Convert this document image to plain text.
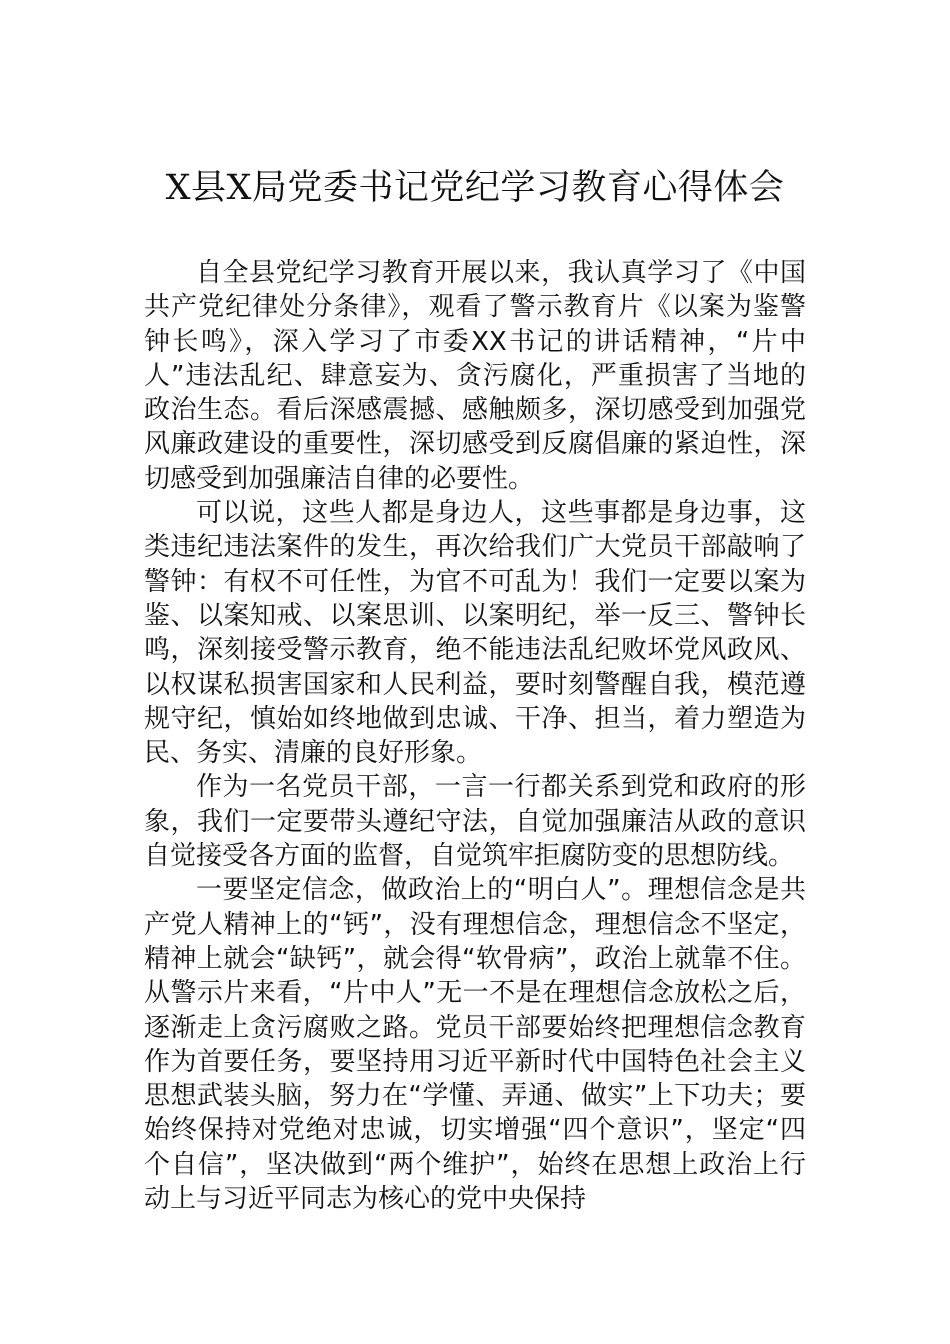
X县X局党委书记党纪学习教育心得体会

自全县党纪学习教育开展以来，我认真学习了《中国共产党纪律处分条律》，观看了警示教育片《以案为鉴警钟长鸣》，深入学习了市委XX书记的讲话精神，“片中人”违法乱纪、肆意妄为、贪污腐化，严重损害了当地的政治生态。看后深感震撼、感触颇多，深切感受到加强党风廉政建设的重要性，深切感受到反腐倡廉的紧迫性，深切感受到加强廉洁自律的必要性。

可以说，这些人都是身边人，这些事都是身边事，这类违纪违法案件的发生，再次给我们广大党员干部敲响了警钟：有权不可任性，为官不可乱为！我们一定要以案为鉴、以案知戒、以案思训、以案明纪，举一反三、警钟长鸣，深刻接受警示教育，绝不能违法乱纪败坏党风政风、以权谋私损害国家和人民利益，要时刻警醒自我，模范遵规守纪，慎始如终地做到忠诚、干净、担当，着力塑造为民、务实、清廉的良好形象。

作为一名党员干部，一言一行都关系到党和政府的形象，我们一定要带头遵纪守法，自觉加强廉洁从政的意识自觉接受各方面的监督，自觉筑牢拒腐防变的思想防线。

一要坚定信念，做政治上的“明白人”。理想信念是共产党人精神上的“钙”，没有理想信念，理想信念不坚定，精神上就会“缺钙”，就会得“软骨病”，政治上就靠不住。从警示片来看，“片中人”无一不是在理想信念放松之后，逐渐走上贪污腐败之路。党员干部要始终把理想信念教育作为首要任务，要坚持用习近平新时代中国特色社会主义思想武装头脑，努力在“学懂、弄通、做实”上下功夫；要始终保持对党绝对忠诚，切实增强“四个意识”，坚定“四个自信”，坚决做到“两个维护”，始终在思想上政治上行动上与习近平同志为核心的党中央保持
